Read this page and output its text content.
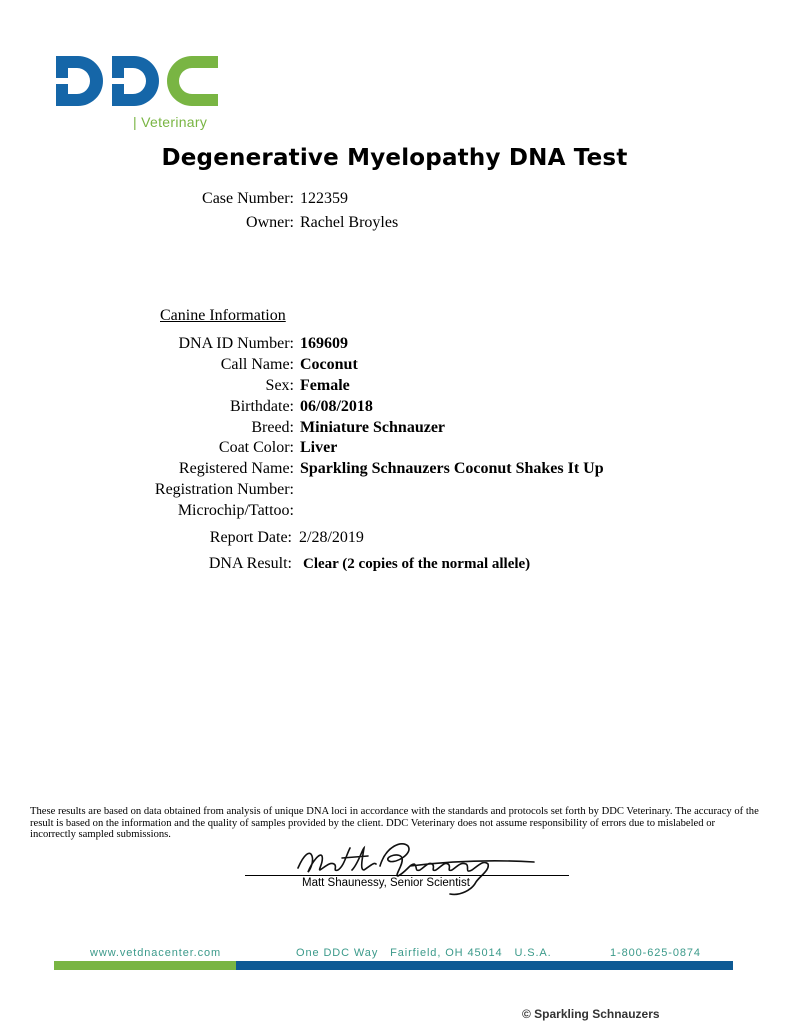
| Veterinary
Degenerative Myelopathy DNA Test
Case Number: 122359
Owner: Rachel Broyles
Canine Information
DNA ID Number: 169609
Call Name: Coconut
Sex: Female
Birthdate: 06/08/2018
Breed: Miniature Schnauzer
Coat Color: Liver
Registered Name: Sparkling Schnauzers Coconut Shakes It Up
Registration Number:
Microchip/Tattoo:
Report Date: 2/28/2019
DNA Result: Clear (2 copies of the normal allele)
These results are based on data obtained from analysis of unique DNA loci in accordance with the standards and protocols set forth by DDC Veterinary. The accuracy of the result is based on the information and the quality of samples provided by the client. DDC Veterinary does not assume responsibility of errors due to mislabeled or incorrectly sampled submissions.
Matt Shaunessy, Senior Scientist
www.vetdnacenter.com	One DDC Way   Fairfield, OH 45014   U.S.A.	1-800-625-0874
© Sparkling Schnauzers
